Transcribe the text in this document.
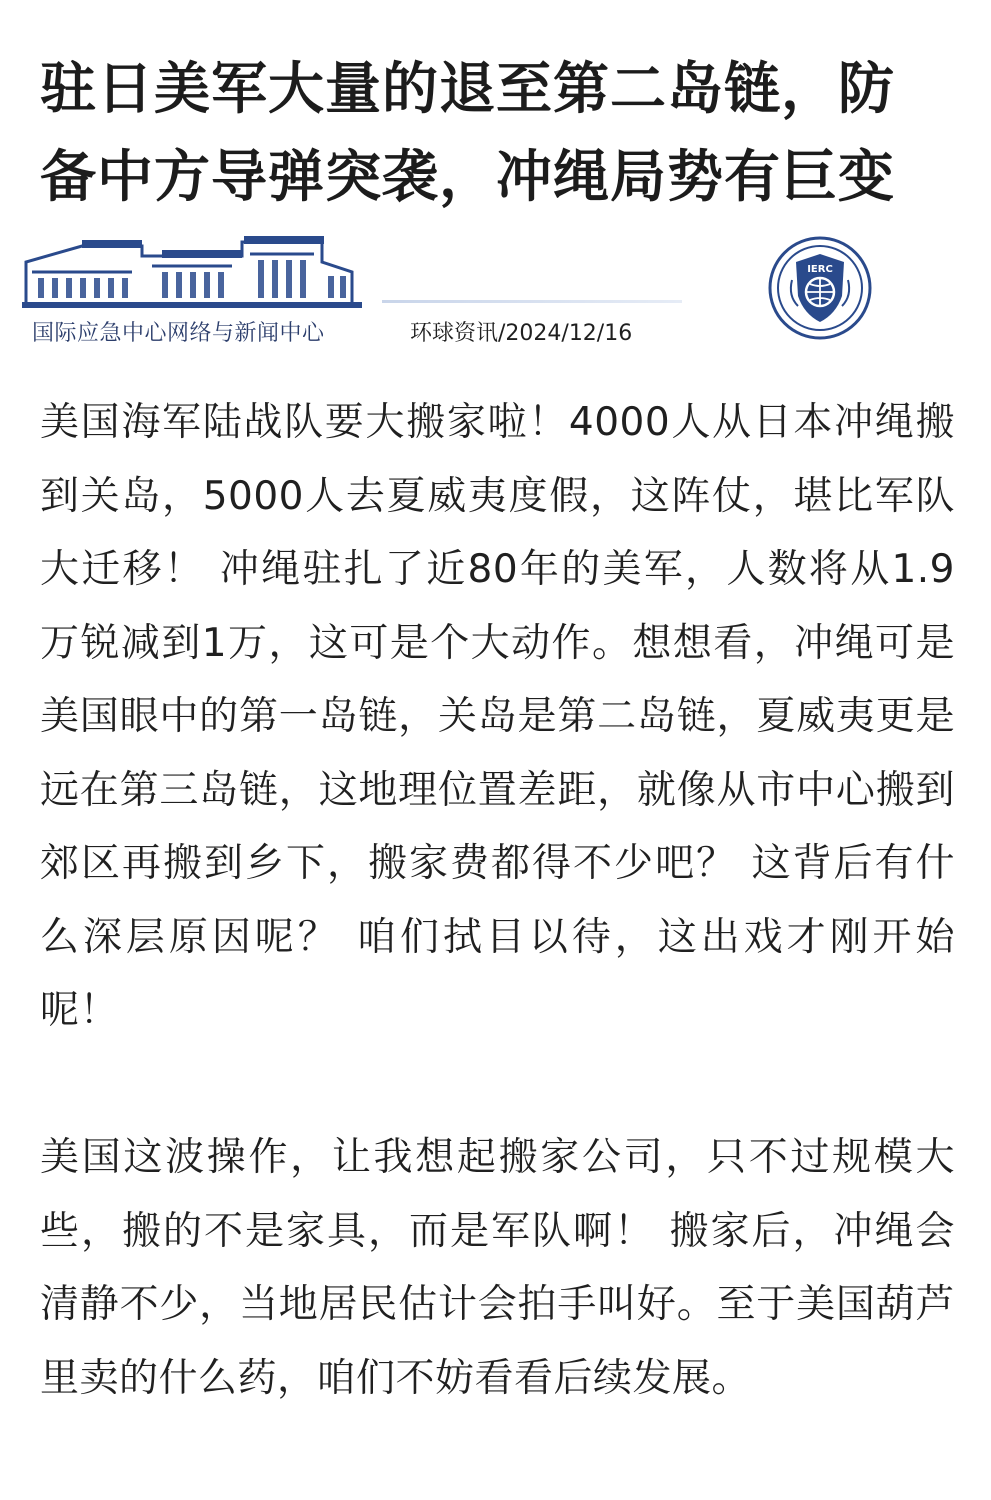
驻日美军大量的退至第二岛链，防备中方导弹突袭，冲绳局势有巨变
IERC
国际应急中心网络与新闻中心	环球资讯/2024/12/16

美国海军陆战队要大搬家啦！4000人从日本冲绳搬到关岛，5000人去夏威夷度假，这阵仗，堪比军队大迁移！ 冲绳驻扎了近80年的美军，人数将从1.9万锐减到1万，这可是个大动作。想想看，冲绳可是美国眼中的第一岛链，关岛是第二岛链，夏威夷更是远在第三岛链，这地理位置差距，就像从市中心搬到郊区再搬到乡下，搬家费都得不少吧？ 这背后有什么深层原因呢？ 咱们拭目以待，这出戏才刚开始呢！

美国这波操作，让我想起搬家公司，只不过规模大些，搬的不是家具，而是军队啊！ 搬家后，冲绳会清静不少，当地居民估计会拍手叫好。至于美国葫芦里卖的什么药，咱们不妨看看后续发展。
